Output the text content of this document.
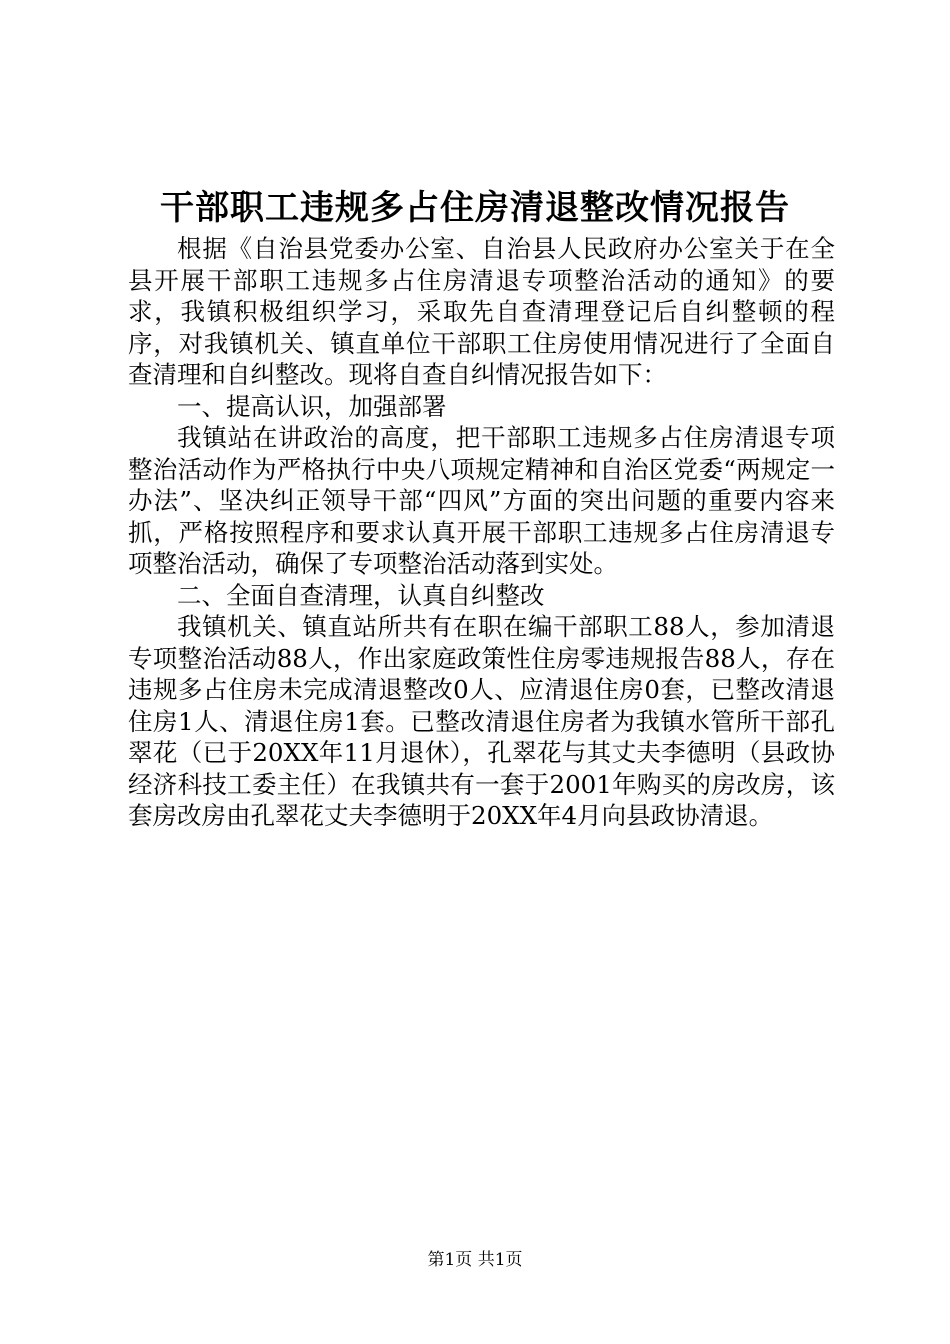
干部职工违规多占住房清退整改情况报告

根据《自治县党委办公室、自治县人民政府办公室关于在全县开展干部职工违规多占住房清退专项整治活动的通知》的要求，我镇积极组织学习，采取先自查清理登记后自纠整顿的程序，对我镇机关、镇直单位干部职工住房使用情况进行了全面自查清理和自纠整改。现将自查自纠情况报告如下：

一、提高认识，加强部署

我镇站在讲政治的高度，把干部职工违规多占住房清退专项整治活动作为严格执行中央八项规定精神和自治区党委“两规定一办法”、坚决纠正领导干部“四风”方面的突出问题的重要内容来抓，严格按照程序和要求认真开展干部职工违规多占住房清退专项整治活动，确保了专项整治活动落到实处。

二、全面自查清理，认真自纠整改

我镇机关、镇直站所共有在职在编干部职工88人，参加清退专项整治活动88人，作出家庭政策性住房零违规报告88人，存在违规多占住房未完成清退整改0人、应清退住房0套，已整改清退住房1人、清退住房1套。已整改清退住房者为我镇水管所干部孔翠花（已于20XX年11月退休），孔翠花与其丈夫李德明（县政协经济科技工委主任）在我镇共有一套于2001年购买的房改房，该套房改房由孔翠花丈夫李德明于20XX年4月向县政协清退。

第1页 共1页
